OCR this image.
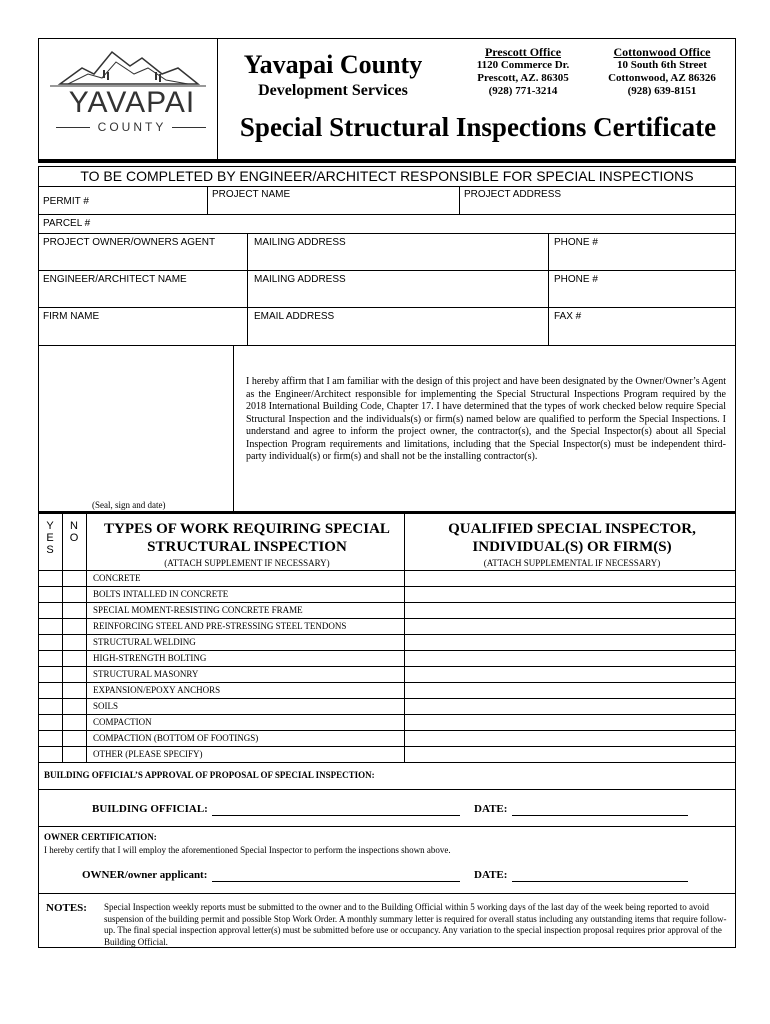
YAVAPAI
COUNTY
Yavapai County
Development Services
Prescott Office
1120 Commerce Dr.
Prescott, AZ. 86305
(928) 771-3214
Cottonwood Office
10 South 6th Street
Cottonwood, AZ 86326
(928) 639-8151
Special Structural Inspections Certificate
TO BE COMPLETED BY ENGINEER/ARCHITECT RESPONSIBLE FOR SPECIAL INSPECTIONS
PERMIT #
PROJECT NAME	PROJECT ADDRESS
PARCEL #
PROJECT OWNER/OWNERS AGENT	MAILING ADDRESS	PHONE #
ENGINEER/ARCHITECT NAME	MAILING ADDRESS	PHONE #
FIRM NAME	EMAIL ADDRESS	FAX #
(Seal, sign and date)
I hereby affirm that I am familiar with the design of this project and have been designated by the Owner/Owner’s Agent as the Engineer/Architect responsible for implementing the Special Structural Inspections Program required by the 2018 International Building Code, Chapter 17. I have determined that the types of work checked below require Special Structural Inspection and the individuals(s) or firm(s) named below are qualified to perform the Special Inspections. I understand and agree to inform the project owner, the contractor(s), and the Special Inspector(s) about all Special Inspection Program requirements and limitations, including that the Special Inspector(s) must be independent third-party individual(s) or firm(s) and shall not be the installing contractor(s).
Y E S
N O
TYPES OF WORK REQUIRING SPECIAL STRUCTURAL INSPECTION
(ATTACH SUPPLEMENT IF NECESSARY)
QUALIFIED SPECIAL INSPECTOR, INDIVIDUAL(S) OR FIRM(S)
(ATTACH SUPPLEMENTAL IF NECESSARY)
CONCRETE
BOLTS INTALLED IN CONCRETE
SPECIAL MOMENT-RESISTING CONCRETE FRAME
REINFORCING STEEL AND PRE-STRESSING STEEL TENDONS
STRUCTURAL WELDING
HIGH-STRENGTH BOLTING
STRUCTURAL MASONRY
EXPANSION/EPOXY ANCHORS
SOILS
COMPACTION
COMPACTION (BOTTOM OF FOOTINGS)
OTHER (PLEASE SPECIFY)
BUILDING OFFICIAL’S APPROVAL OF PROPOSAL OF SPECIAL INSPECTION:
BUILDING OFFICIAL:	DATE:
OWNER CERTIFICATION:
I hereby certify that I will employ the aforementioned Special Inspector to perform the inspections shown above.
OWNER/owner applicant:	DATE:
NOTES: Special Inspection weekly reports must be submitted to the owner and to the Building Official within 5 working days of the last day of the week being reported to avoid suspension of the building permit and possible Stop Work Order. A monthly summary letter is required for overall status including any outstanding items that require follow-up. The final special inspection approval letter(s) must be submitted before use or occupancy. Any variation to the special inspection proposal requires prior approval of the Building Official.
